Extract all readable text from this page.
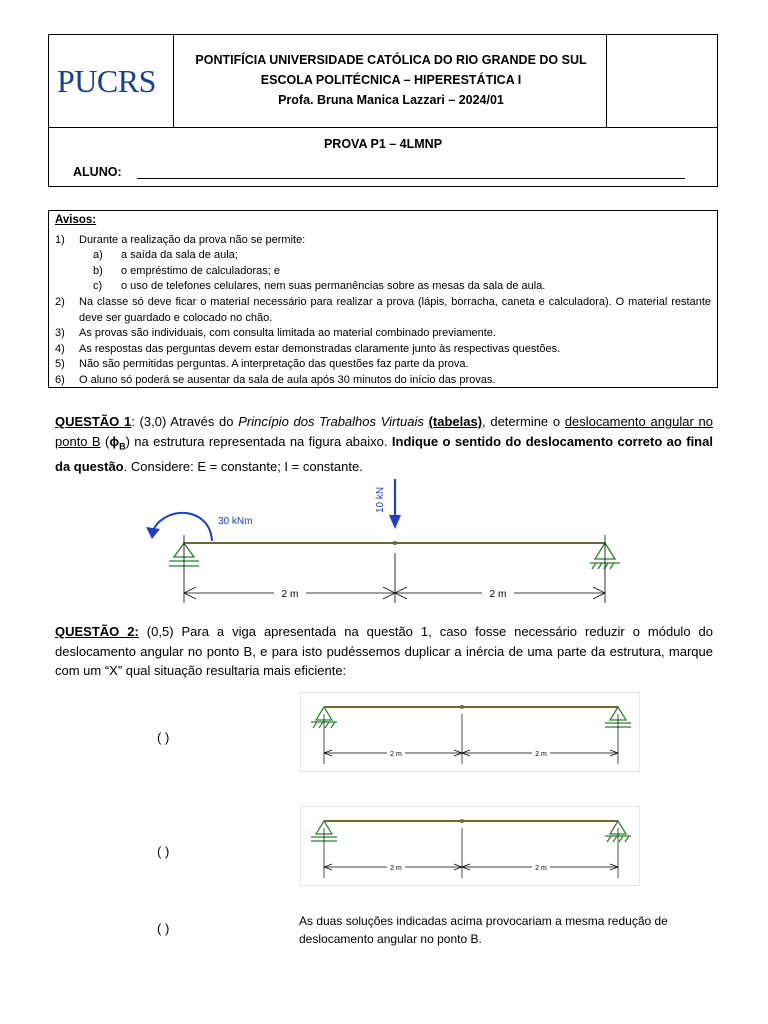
PUCRS
PONTIFÍCIA UNIVERSIDADE CATÓLICA DO RIO GRANDE DO SUL
ESCOLA POLITÉCNICA – HIPERESTÁTICA I
Profa. Bruna Manica Lazzari – 2024/01
PROVA P1 – 4LMNP
ALUNO:
Avisos:
1) Durante a realização da prova não se permite:
a) a saída da sala de aula;
b) o empréstimo de calculadoras; e
c) o uso de telefones celulares, nem suas permanências sobre as mesas da sala de aula.
2) Na classe só deve ficar o material necessário para realizar a prova (lápis, borracha, caneta e calculadora). O material restante deve ser guardado e colocado no chão.
3) As provas são individuais, com consulta limitada ao material combinado previamente.
4) As respostas das perguntas devem estar demonstradas claramente junto às respectivas questões.
5) Não são permitidas perguntas. A interpretação das questões faz parte da prova.
6) O aluno só poderá se ausentar da sala de aula após 30 minutos do início das provas.
QUESTÃO 1: (3,0) Através do Princípio dos Trabalhos Virtuais (tabelas), determine o deslocamento angular no ponto B $(\phi_B)$ na estrutura representada na figura abaixo. Indique o sentido do deslocamento correto ao final da questão. Considere: E = constante; I = constante.
30 kNm
10 kN
2 m	2 m
QUESTÃO 2: (0,5) Para a viga apresentada na questão 1, caso fosse necessário reduzir o módulo do deslocamento angular no ponto B, e para isto pudéssemos duplicar a inércia de uma parte da estrutura, marque com um “X” qual situação resultaria mais eficiente:
( )
2 m	2 m
( )
2 m	2 m
( )	As duas soluções indicadas acima provocariam a mesma redução de deslocamento angular no ponto B.
